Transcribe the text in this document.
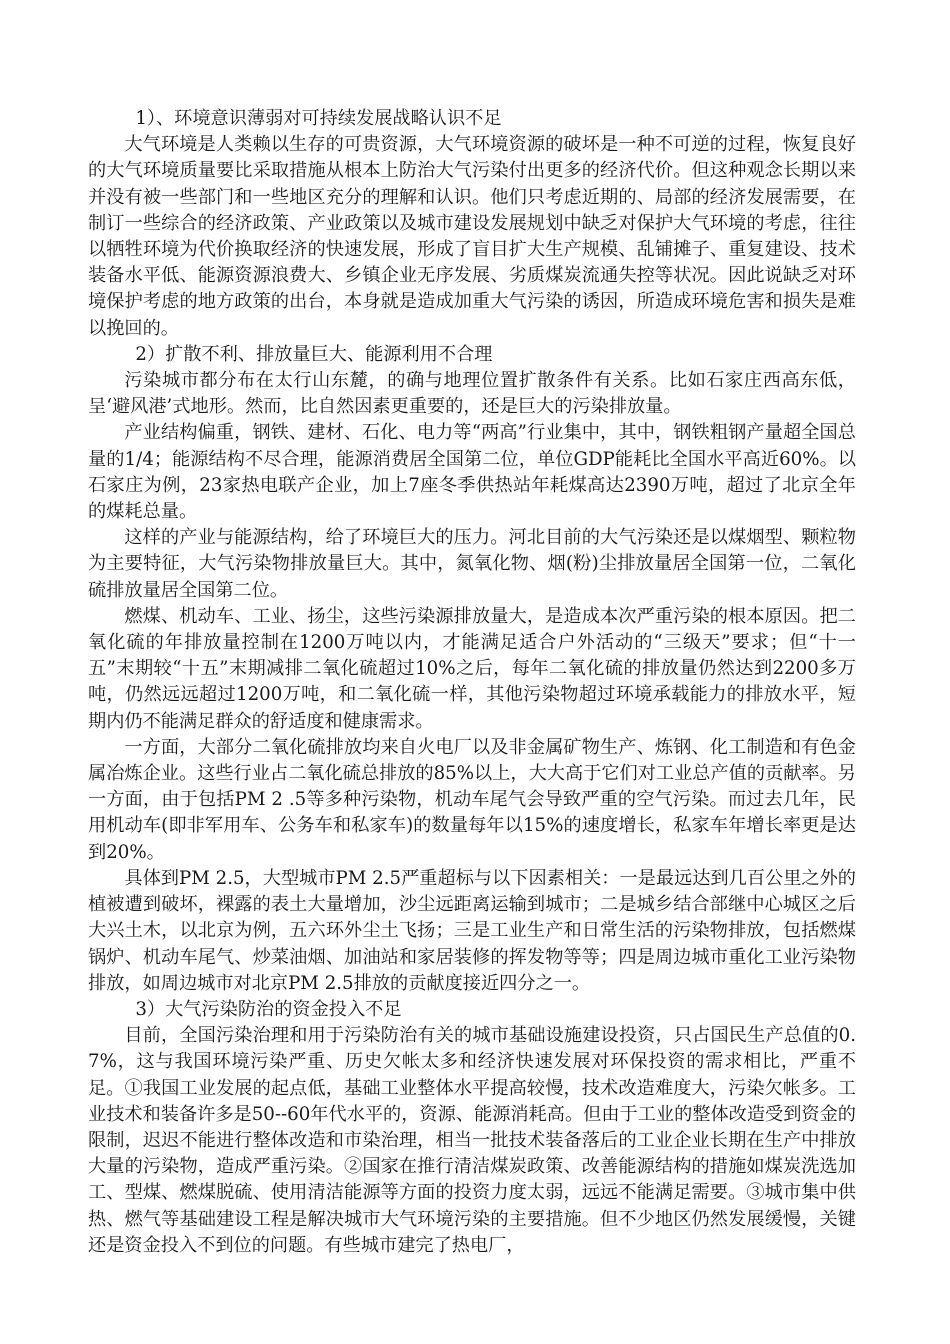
1）、环境意识薄弱对可持续发展战略认识不足

大气环境是人类赖以生存的可贵资源，大气环境资源的破坏是一种不可逆的过程，恢复良好的大气环境质量要比采取措施从根本上防治大气污染付出更多的经济代价。但这种观念长期以来并没有被一些部门和一些地区充分的理解和认识。他们只考虑近期的、局部的经济发展需要，在制订一些综合的经济政策、产业政策以及城市建设发展规划中缺乏对保护大气环境的考虑，往往以牺牲环境为代价换取经济的快速发展，形成了盲目扩大生产规模、乱铺摊子、重复建设、技术装备水平低、能源资源浪费大、乡镇企业无序发展、劣质煤炭流通失控等状况。因此说缺乏对环境保护考虑的地方政策的出台，本身就是造成加重大气污染的诱因，所造成环境危害和损失是难以挽回的。

2）扩散不利、排放量巨大、能源利用不合理

污染城市都分布在太行山东麓，的确与地理位置扩散条件有关系。比如石家庄西高东低，呈‘避风港’式地形。然而，比自然因素更重要的，还是巨大的污染排放量。

产业结构偏重，钢铁、建材、石化、电力等“两高”行业集中，其中，钢铁粗钢产量超全国总量的1/4；能源结构不尽合理，能源消费居全国第二位，单位GDP能耗比全国水平高近60%。以石家庄为例，23家热电联产企业，加上7座冬季供热站年耗煤高达2390万吨，超过了北京全年的煤耗总量。

这样的产业与能源结构，给了环境巨大的压力。河北目前的大气污染还是以煤烟型、颗粒物为主要特征，大气污染物排放量巨大。其中，氮氧化物、烟(粉)尘排放量居全国第一位，二氧化硫排放量居全国第二位。

燃煤、机动车、工业、扬尘，这些污染源排放量大，是造成本次严重污染的根本原因。把二氧化硫的年排放量控制在1200万吨以内，才能满足适合户外活动的“三级天”要求；但“十一五”末期较“十五”末期减排二氧化硫超过10%之后，每年二氧化硫的排放量仍然达到2200多万吨，仍然远远超过1200万吨，和二氧化硫一样，其他污染物超过环境承载能力的排放水平，短期内仍不能满足群众的舒适度和健康需求。

一方面，大部分二氧化硫排放均来自火电厂以及非金属矿物生产、炼钢、化工制造和有色金属冶炼企业。这些行业占二氧化硫总排放的85%以上，大大高于它们对工业总产值的贡献率。另一方面，由于包括PM 2 .5等多种污染物，机动车尾气会导致严重的空气污染。而过去几年，民用机动车(即非军用车、公务车和私家车)的数量每年以15%的速度增长，私家车年增长率更是达到20%。

具体到PM 2.5，大型城市PM 2.5严重超标与以下因素相关：一是最远达到几百公里之外的植被遭到破坏，裸露的表土大量增加，沙尘远距离运输到城市；二是城乡结合部继中心城区之后大兴土木，以北京为例，五六环外尘土飞扬；三是工业生产和日常生活的污染物排放，包括燃煤锅炉、机动车尾气、炒菜油烟、加油站和家居装修的挥发物等等；四是周边城市重化工业污染物排放，如周边城市对北京PM 2.5排放的贡献度接近四分之一。

3）大气污染防治的资金投入不足

目前，全国污染治理和用于污染防治有关的城市基础设施建设投资，只占国民生产总值的0.7%，这与我国环境污染严重、历史欠帐太多和经济快速发展对环保投资的需求相比，严重不足。①我国工业发展的起点低，基础工业整体水平提高较慢，技术改造难度大，污染欠帐多。工业技术和装备许多是50--60年代水平的，资源、能源消耗高。但由于工业的整体改造受到资金的限制，迟迟不能进行整体改造和市染治理，相当一批技术装备落后的工业企业长期在生产中排放大量的污染物，造成严重污染。②国家在推行清洁煤炭政策、改善能源结构的措施如煤炭洗选加工、型煤、燃煤脱硫、使用清洁能源等方面的投资力度太弱，远远不能满足需要。③城市集中供热、燃气等基础建设工程是解决城市大气环境污染的主要措施。但不少地区仍然发展缓慢，关键还是资金投入不到位的问题。有些城市建完了热电厂，
